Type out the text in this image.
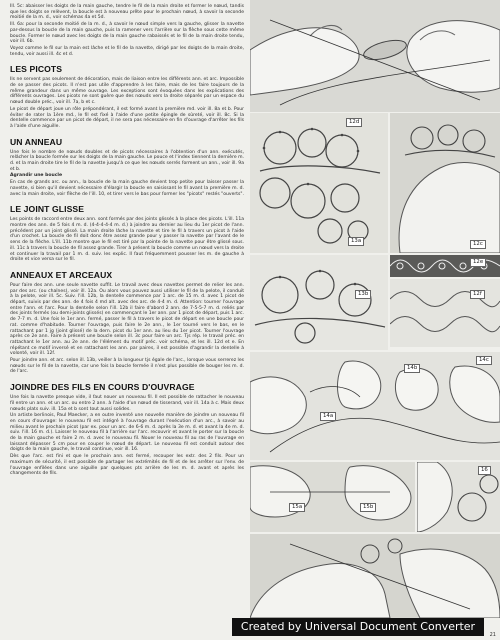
Ill. 5c: abaisser les doigts de la main gauche, tendre le fil de la main droite et former le nœud, tandis que les doigts se relèvent, la boucle est à nouveau prête pour le prochain nœud, à savoir la seconde moitié de la m. d., voir schémas 4a et 5d.

Ill. 6a: pour la seconde moitié de la m. d., à savoir le nœud simple vers la gauche, glisser la navette par-dessus la boucle de la main gauche, puis la ramener vers l'arrière sur la flèche sous cette même boucle. Former le nœud avec les doigts de la main gauche rabaissés et le fil de la main droite tendu, voir ill. 6b.

Voyez comme le fil sur la main est lâche et le fil de la navette, dirigé par les doigts de la main droite, tendu, voir aussi ill. 4c et d.

LES PICOTS

Ils ne servent pas seulement de décoration, mais de liaison entre les différents ann. et arc. Impossible de se passer des picots. Il n'est pas utile d'apprendre à les faire, mais de les faire toujours de la même grandeur dans un même ouvrage. Les exceptions sont évoquées dans les explications des différents ouvrages. Les picots ne sont guère que des nœuds vers la droite séparés par un espace du nœud double préc., voir ill. 7a, b et c.

Le picot de départ joue un rôle prépondérant, il est formé avant la première md. voir ill. 8a et b. Pour éviter de rater la 1ère md., le fil est fixé à l'aide d'une petite épingle de sûreté, voir ill. 8c. Si la dentelle commence par un picot de départ, il ne sera pas nécessaire en fin d'ouvrage d'arrêter les fils à l'aide d'une aiguille.

UN ANNEAU

Une fois le nombre de nœuds doubles et de picots nécessaires à l'obtention d'un ann. exécutés, relâcher la boucle formée sur les doigts de la main gauche. Le pouce et l'index tiennent la dernière m. d. et la main droite tire le fil de la navette jusqu'à ce que les nœuds serrés forment un ann., voir ill. 9a et b.

Agrandir une boucle

En cas de grands arc. ou ann., la boucle de la main gauche devient trop petite pour laisser passer la navette, si bien qu'il devient nécessaire d'élargir la boucle en saisissant le fil avant la première m. d. avec la main droite, voir flèche de l'ill. 10, et tirer vers le bas pour former les "picots" restés "ouverts".

LE JOINT GLISSE

Les points de raccord entre deux ann. sont formés par des joints glissés à la place des picots. L'ill. 11a montre des ann. de 5 fois 4 m. d. (4-4-4-4-4 m. d.) à joindre au dernier au lieu du 1er picot de l'ann. précédent par un joint glissé. La main droite lâche la navette et tire le fil à travers un picot à l'aide d'un crochet. La boucle de fil doit donc être assez grande pour y passer la navette par l'avant de le sens de la flèche. L'ill. 11b montre que le fil est tiré par la pointe de la navette pour être glissé sous. ill. 11c à travers la boucle de fil assez grande. Tirer à présent la boucle comme un nœud vers la droite et continuer la travail par 1 m. d. suiv. les explic. Il faut fréquemment pousser les m. de gauche à droite et vice versa sur le fil.

ANNEAUX ET ARCEAUX

Pour faire des ann. une seule navette suffit. Le travail avec deux navettes permet de relier les ann. par des arc. (ou chaînes), voir ill. 12a. Ou alors vous pouvez aussi utiliser le fil de la pelote, il conduit à la pelote, voir ill. 5c. Suiv. l'ill. 12b, la dentelle commence par 1 arc. de 15 m. d. avec 1 picot de départ, suivis par des ann. de 4 fois 4 md alt. avec des arc. de 4-4 m. d. Attention: tourner l'ouvrage entre l'ann. et l'arc. Pour la dentelle selon l'ill. 12b il faire d'abord 2 ann. de 7-5-5-7 m. d. reliés par des joints fermés (ou demi-joints glissés) en commençant le 1er ann. par 1 picot de départ, puis 1 arc. de 7-7 m. d. Une fois le 1er ann. fermé, passer le fil à travers le picot de départ en une boucle pour rat. comme d'habitude. Tourner l'ouvrage, puis faire le 2e ann., le 1er tourné vers le bas, en le rattachant par 1 jg (joint glissé) de la dern. picot du 1er ann. au lieu du 1er picot. Tourner l'ouvrage après ce 2e ann. Faire à présent une boucle selon ill. 3c pour faire un arc. Tjs rép. le travail préc. en rattachant le 1er ann. au 2e ann. de l'élément du motif préc. voir schéma, et les ill. 12d et e. En répétant ce motif inversé et en rattachant les ann. par paires, il est possible d'agrandir la dentelle à volonté, voir ill. 12f.

Pour joindre ann. et arc. selon ill. 13b, veiller à la longueur tjs égale de l'arc., lorsque vous serrerez les nœuds sur le fil de la navette, car une fois la boucle fermée il n'est plus possible de bouger les m. d. de l'arc.

JOINDRE DES FILS EN COURS D'OUVRAGE

Une fois la navette presque vide, il faut nouer un nouveau fil. Il est possible de rattacher le nouveau fil entre un ann. et un arc. ou entre 2 ann. à l'aide d'un nœud de tisserand, voir ill. 14a à c. Mais deux nœuds plats suiv. ill. 15a et b sont tout aussi solides.

Un artiste berlinois, Paul Maecker, a en outre inventé une nouvelle manière de joindre un nouveau fil en cours d'ouvrage: le nouveau fil est intégré à l'ouvrage durant l'exécution d'un arc., à savoir au milieu avant le prochain picot (par ex. pour un arc. de 6-6 m. d. après la 3e m. d. et avant la 4e m. d. suiv. l'ill. 16 m. d.). Laisser le nouveau fil à l'arrière sur l'arc. recouvrir et avant le porter sur la boucle de la main gauche et faire 2 m. d. avec le nouveau fil. Nouer le nouveau fil au ras de l'ouvrage en laissant dépasser 5 cm pour en couper le nœud de départ. Le nouveau fil est conduit autour des doigts de la main gauche, le travail continue, voir ill. 16.

Dès que l'arc. est fini et que le prochain ann. est fermé, recouper les extr. des 2 fils. Pour un maximum de sécurité, il est possible de partager les extrémités de fil et de les arrêter sur l'env. de l'ouvrage enfilées dans une aiguille par quelques pts arrière de les m. d. avant et après les changements de fils.

12d
13a	12c
13b
12e
12f
14c
14b
14a
15a	15b
16
Created by Universal Document Converter
21
